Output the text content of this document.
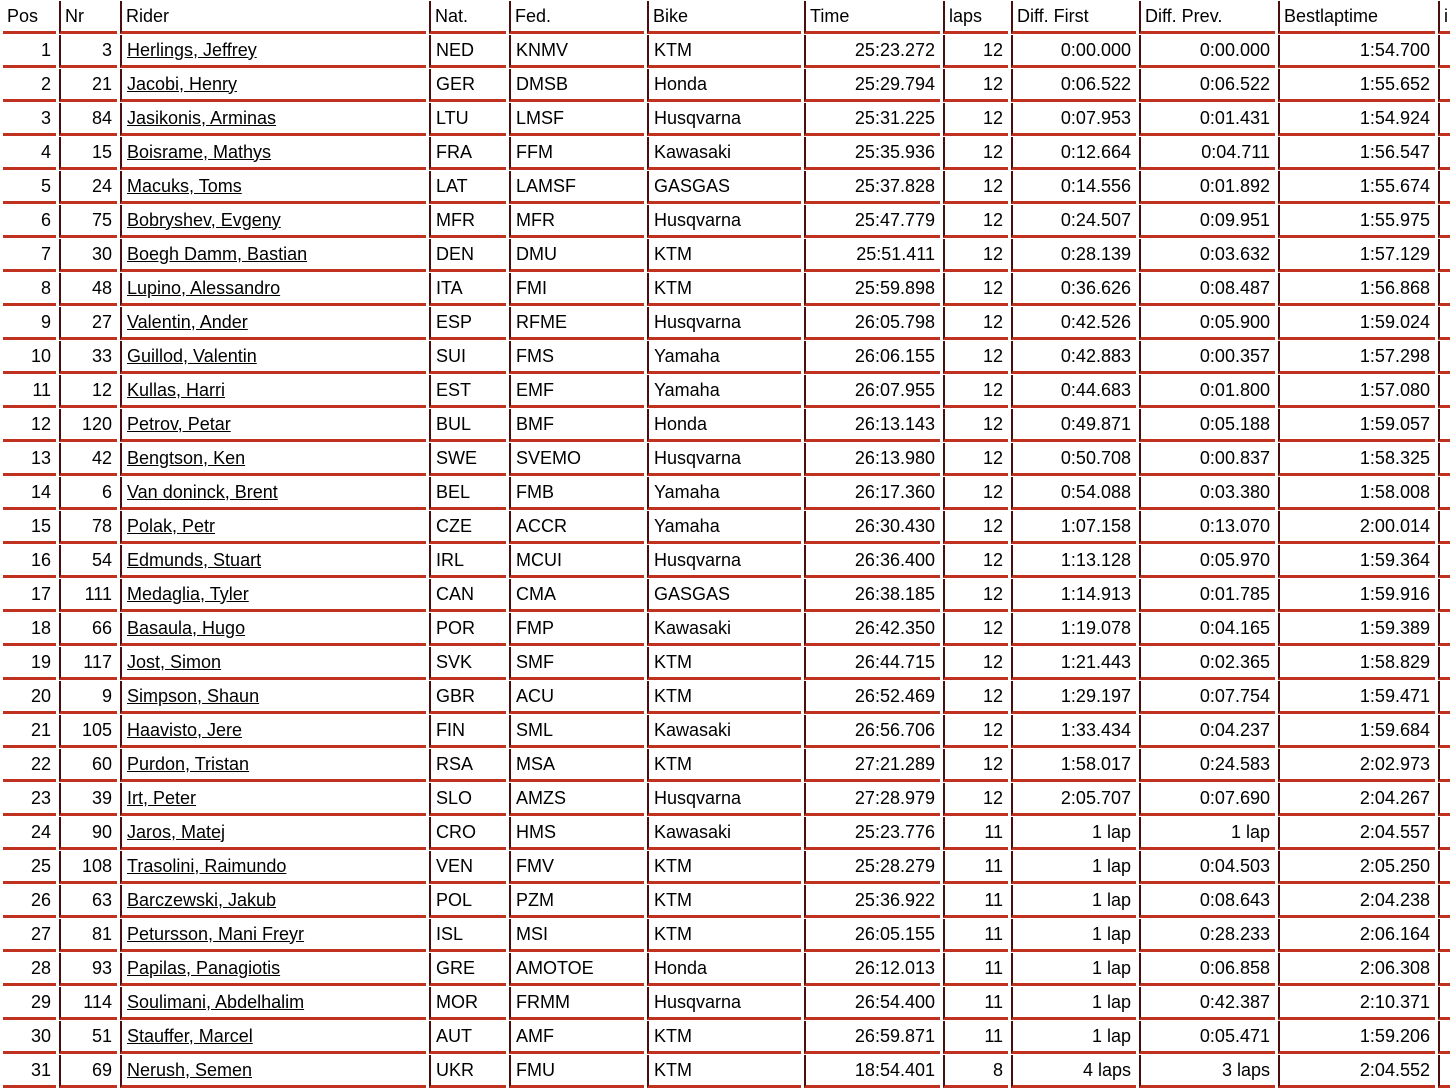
Pos	Nr	Rider	Nat.	Fed.	Bike	Time	laps	Diff. First	Diff. Prev.	Bestlaptime	i
1	3	Herlings, Jeffrey	NED	KNMV	KTM	25:23.272	12	0:00.000	0:00.000	1:54.700	
2	21	Jacobi, Henry	GER	DMSB	Honda	25:29.794	12	0:06.522	0:06.522	1:55.652	
3	84	Jasikonis, Arminas	LTU	LMSF	Husqvarna	25:31.225	12	0:07.953	0:01.431	1:54.924	
4	15	Boisrame, Mathys	FRA	FFM	Kawasaki	25:35.936	12	0:12.664	0:04.711	1:56.547	
5	24	Macuks, Toms	LAT	LAMSF	GASGAS	25:37.828	12	0:14.556	0:01.892	1:55.674	
6	75	Bobryshev, Evgeny	MFR	MFR	Husqvarna	25:47.779	12	0:24.507	0:09.951	1:55.975	
7	30	Boegh Damm, Bastian	DEN	DMU	KTM	25:51.411	12	0:28.139	0:03.632	1:57.129	
8	48	Lupino, Alessandro	ITA	FMI	KTM	25:59.898	12	0:36.626	0:08.487	1:56.868	
9	27	Valentin, Ander	ESP	RFME	Husqvarna	26:05.798	12	0:42.526	0:05.900	1:59.024	
10	33	Guillod, Valentin	SUI	FMS	Yamaha	26:06.155	12	0:42.883	0:00.357	1:57.298	
11	12	Kullas, Harri	EST	EMF	Yamaha	26:07.955	12	0:44.683	0:01.800	1:57.080	
12	120	Petrov, Petar	BUL	BMF	Honda	26:13.143	12	0:49.871	0:05.188	1:59.057	
13	42	Bengtson, Ken	SWE	SVEMO	Husqvarna	26:13.980	12	0:50.708	0:00.837	1:58.325	
14	6	Van doninck, Brent	BEL	FMB	Yamaha	26:17.360	12	0:54.088	0:03.380	1:58.008	
15	78	Polak, Petr	CZE	ACCR	Yamaha	26:30.430	12	1:07.158	0:13.070	2:00.014	
16	54	Edmunds, Stuart	IRL	MCUI	Husqvarna	26:36.400	12	1:13.128	0:05.970	1:59.364	
17	111	Medaglia, Tyler	CAN	CMA	GASGAS	26:38.185	12	1:14.913	0:01.785	1:59.916	
18	66	Basaula, Hugo	POR	FMP	Kawasaki	26:42.350	12	1:19.078	0:04.165	1:59.389	
19	117	Jost, Simon	SVK	SMF	KTM	26:44.715	12	1:21.443	0:02.365	1:58.829	
20	9	Simpson, Shaun	GBR	ACU	KTM	26:52.469	12	1:29.197	0:07.754	1:59.471	
21	105	Haavisto, Jere	FIN	SML	Kawasaki	26:56.706	12	1:33.434	0:04.237	1:59.684	
22	60	Purdon, Tristan	RSA	MSA	KTM	27:21.289	12	1:58.017	0:24.583	2:02.973	
23	39	Irt, Peter	SLO	AMZS	Husqvarna	27:28.979	12	2:05.707	0:07.690	2:04.267	
24	90	Jaros, Matej	CRO	HMS	Kawasaki	25:23.776	11	1 lap	1 lap	2:04.557	
25	108	Trasolini, Raimundo	VEN	FMV	KTM	25:28.279	11	1 lap	0:04.503	2:05.250	
26	63	Barczewski, Jakub	POL	PZM	KTM	25:36.922	11	1 lap	0:08.643	2:04.238	
27	81	Petursson, Mani Freyr	ISL	MSI	KTM	26:05.155	11	1 lap	0:28.233	2:06.164	
28	93	Papilas, Panagiotis	GRE	AMOTOE	Honda	26:12.013	11	1 lap	0:06.858	2:06.308	
29	114	Soulimani, Abdelhalim	MOR	FRMM	Husqvarna	26:54.400	11	1 lap	0:42.387	2:10.371	
30	51	Stauffer, Marcel	AUT	AMF	KTM	26:59.871	11	1 lap	0:05.471	1:59.206	
31	69	Nerush, Semen	UKR	FMU	KTM	18:54.401	8	4 laps	3 laps	2:04.552	
